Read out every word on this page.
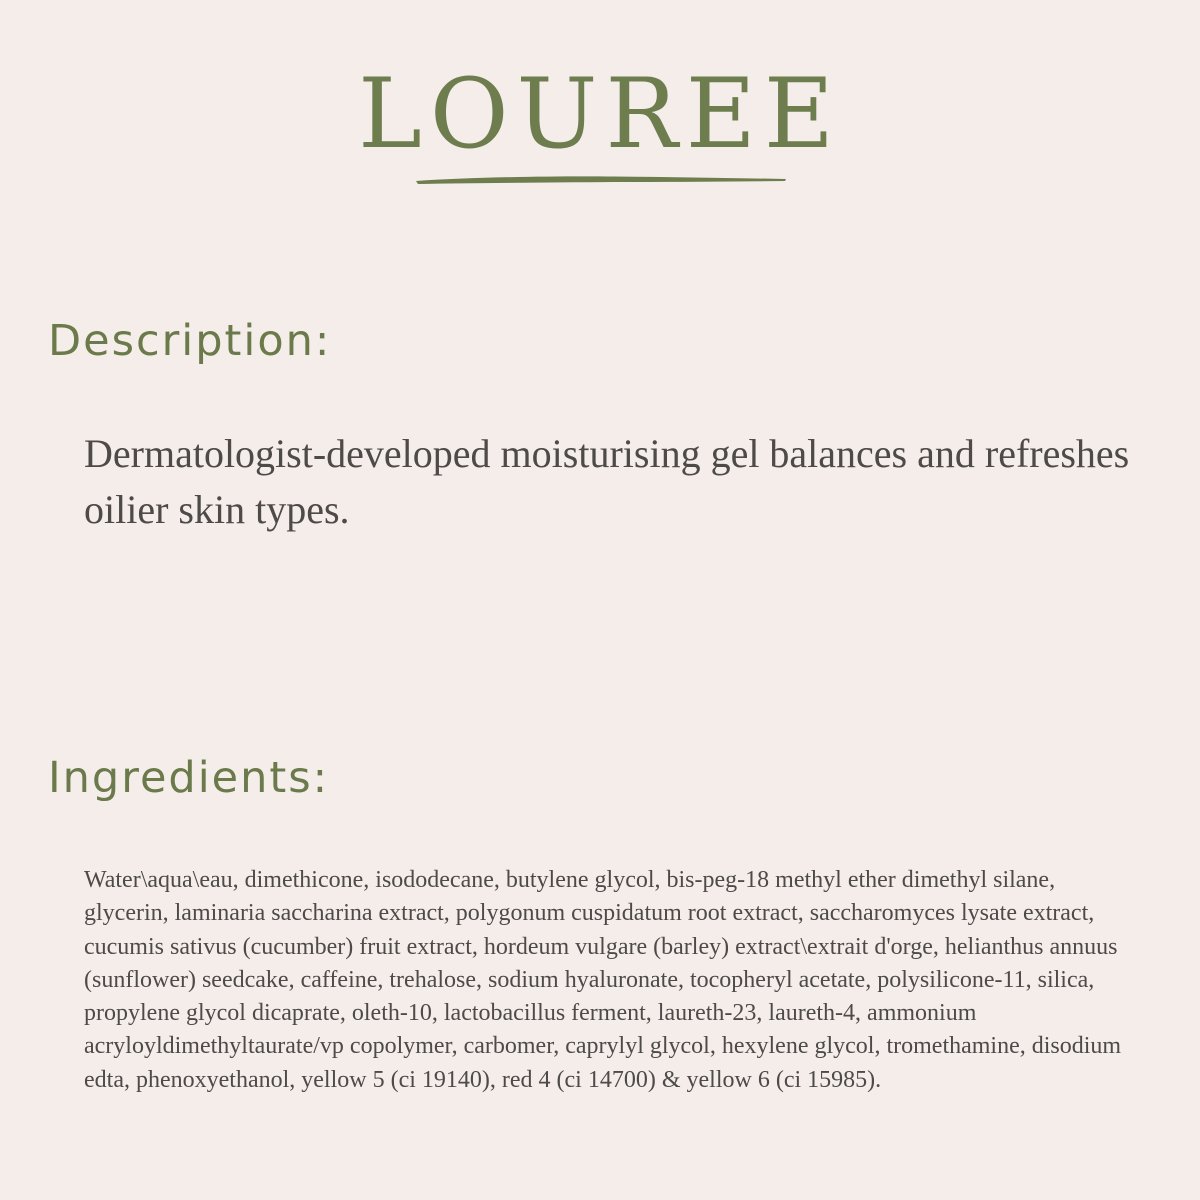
LOUREE
Description:
Dermatologist-developed moisturising gel balances and refreshes oilier skin types.
Ingredients:
Water\aqua\eau, dimethicone, isododecane, butylene glycol, bis-peg-18 methyl ether dimethyl silane, glycerin, laminaria saccharina extract, polygonum cuspidatum root extract, saccharomyces lysate extract, cucumis sativus (cucumber) fruit extract, hordeum vulgare (barley) extract\extrait d'orge, helianthus annuus (sunflower) seedcake, caffeine, trehalose, sodium hyaluronate, tocopheryl acetate, polysilicone-11, silica, propylene glycol dicaprate, oleth-10, lactobacillus ferment, laureth-23, laureth-4, ammonium acryloyldimethyltaurate/vp copolymer, carbomer, caprylyl glycol, hexylene glycol, tromethamine, disodium edta, phenoxyethanol, yellow 5 (ci 19140), red 4 (ci 14700) & yellow 6 (ci 15985).
